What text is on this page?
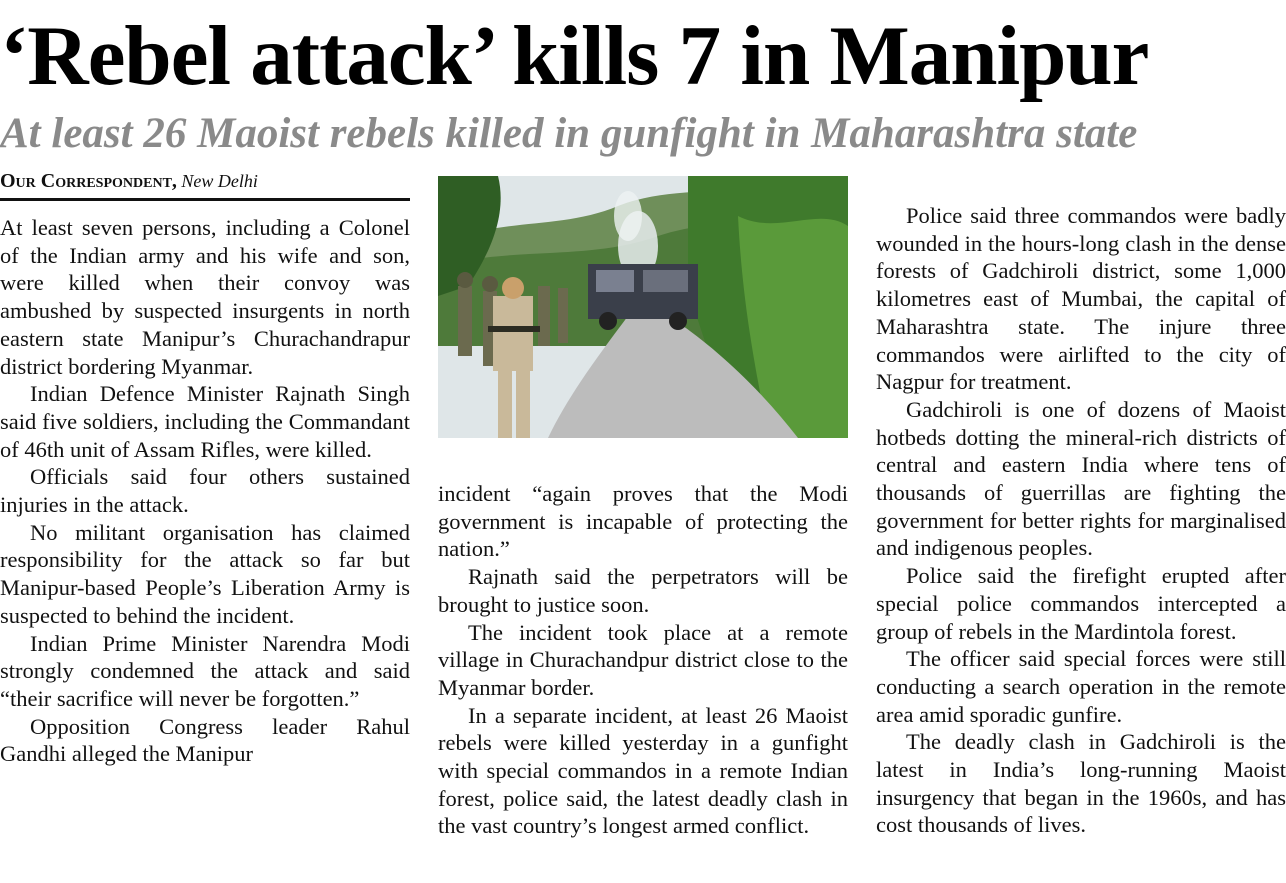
‘Rebel attack’ kills 7 in Manipur
At least 26 Maoist rebels killed in gunfight in Maharashtra state
Our Correspondent, New Delhi

At least seven persons, including a Colonel of the Indian army and his wife and son, were killed when their convoy was ambushed by suspected insurgents in north eastern state Manipur’s Churachandrapur district bordering Myanmar.

Indian Defence Minister Rajnath Singh said five soldiers, including the Commandant of 46th unit of Assam Rifles, were killed.

Officials said four others sustained injuries in the attack.

No militant organisation has claimed responsibility for the attack so far but Manipur-based People’s Liberation Army is suspected to behind the incident.

Indian Prime Minister Narendra Modi strongly condemned the attack and said “their sacrifice will never be forgotten.”

Opposition Congress leader Rahul Gandhi alleged the Manipur

incident “again proves that the Modi government is incapable of protecting the nation.”

Rajnath said the perpetrators will be brought to justice soon.

The incident took place at a remote village in Churachandpur district close to the Myanmar border.

In a separate incident, at least 26 Maoist rebels were killed yesterday in a gunfight with special commandos in a remote Indian forest, police said, the latest deadly clash in the vast country’s longest armed conflict.

Police said three commandos were badly wounded in the hours-long clash in the dense forests of Gadchiroli district, some 1,000 kilometres east of Mumbai, the capital of Maharashtra state. The injure three commandos were airlifted to the city of Nagpur for treatment.

Gadchiroli is one of dozens of Maoist hotbeds dotting the mineral-rich districts of central and eastern India where tens of thousands of guerrillas are fighting the government for better rights for marginalised and indigenous peoples.

Police said the firefight erupted after special police commandos intercepted a group of rebels in the Mardintola forest.

The officer said special forces were still conducting a search operation in the remote area amid sporadic gunfire.

The deadly clash in Gadchiroli is the latest in India’s long-running Maoist insurgency that began in the 1960s, and has cost thousands of lives.
